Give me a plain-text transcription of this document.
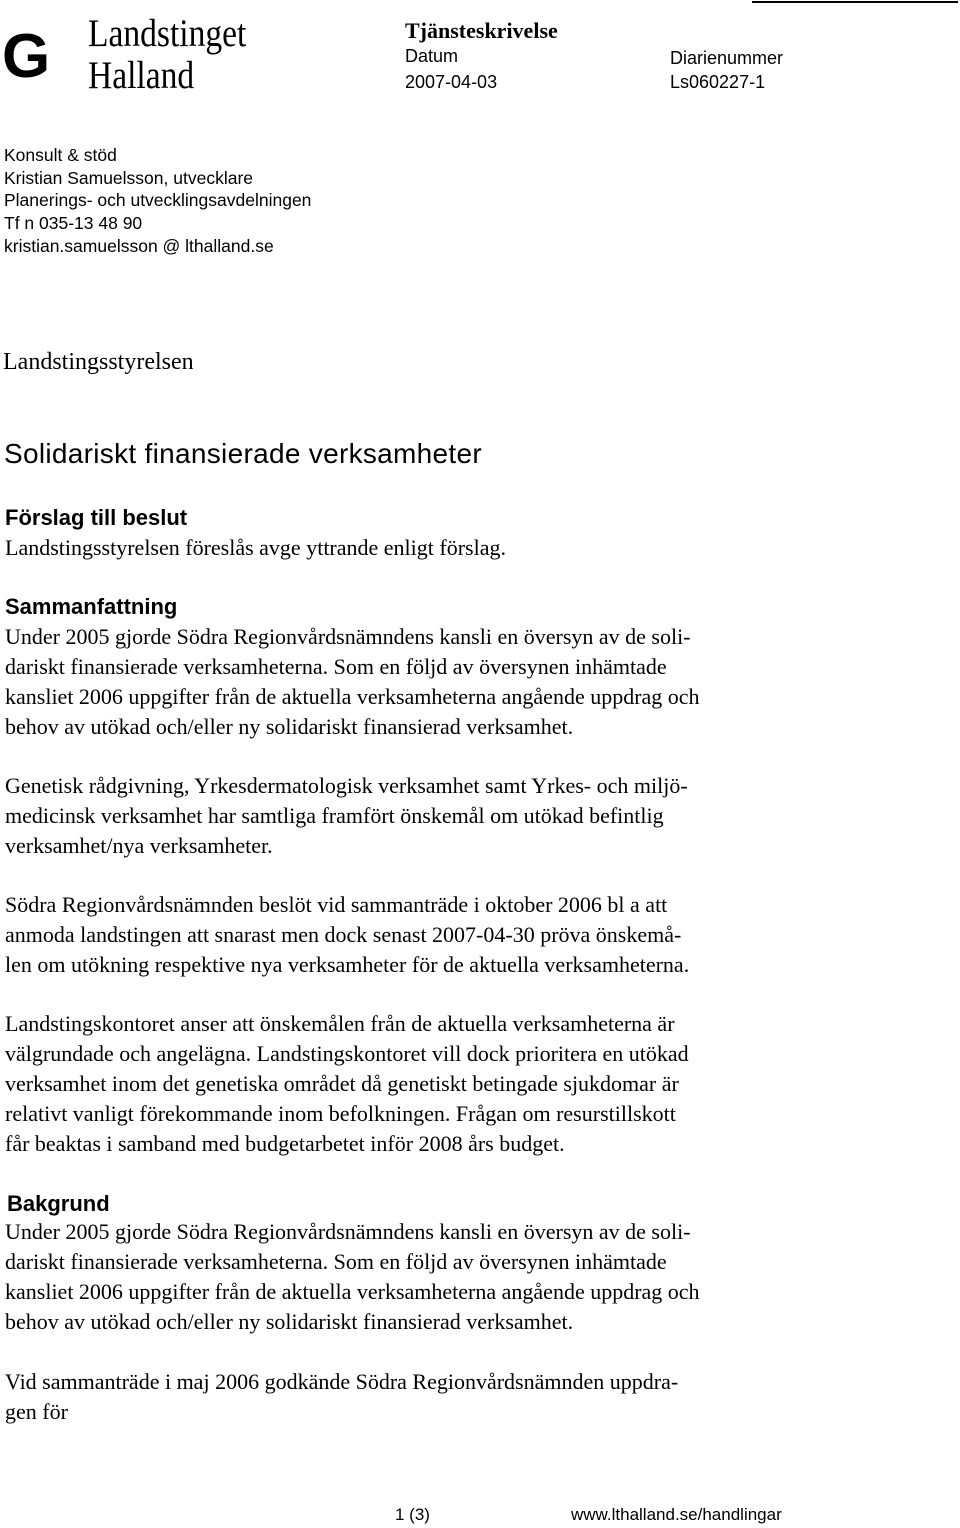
G Landstinget
Halland
Tjänsteskrivelse
Datum
2007-04-03
Diarienummer
Ls060227-1
Konsult & stöd
Kristian Samuelsson, utvecklare
Planerings- och utvecklingsavdelningen
Tf n 035-13 48 90
kristian.samuelsson @ lthalland.se
Landstingsstyrelsen
Solidariskt finansierade verksamheter
Förslag till beslut
Landstingsstyrelsen föreslås avge yttrande enligt förslag.
Sammanfattning
Under 2005 gjorde Södra Regionvårdsnämndens kansli en översyn av de soli-
dariskt finansierade verksamheterna. Som en följd av översynen inhämtade
kansliet 2006 uppgifter från de aktuella verksamheterna angående uppdrag och
behov av utökad och/eller ny solidariskt finansierad verksamhet.
Genetisk rådgivning, Yrkesdermatologisk verksamhet samt Yrkes- och miljö-
medicinsk verksamhet har samtliga framfört önskemål om utökad befintlig
verksamhet/nya verksamheter.
Södra Regionvårdsnämnden beslöt vid sammanträde i oktober 2006 bl a att
anmoda landstingen att snarast men dock senast 2007-04-30 pröva önskemå-
len om utökning respektive nya verksamheter för de aktuella verksamheterna.
Landstingskontoret anser att önskemålen från de aktuella verksamheterna är
välgrundade och angelägna. Landstingskontoret vill dock prioritera en utökad
verksamhet inom det genetiska området då genetiskt betingade sjukdomar är
relativt vanligt förekommande inom befolkningen. Frågan om resurstillskott
får beaktas i samband med budgetarbetet inför 2008 års budget.
Bakgrund
Under 2005 gjorde Södra Regionvårdsnämndens kansli en översyn av de soli-
dariskt finansierade verksamheterna. Som en följd av översynen inhämtade
kansliet 2006 uppgifter från de aktuella verksamheterna angående uppdrag och
behov av utökad och/eller ny solidariskt finansierad verksamhet.
Vid sammanträde i maj 2006 godkände Södra Regionvårdsnämnden uppdra-
gen för
1 (3)	www.lthalland.se/handlingar
